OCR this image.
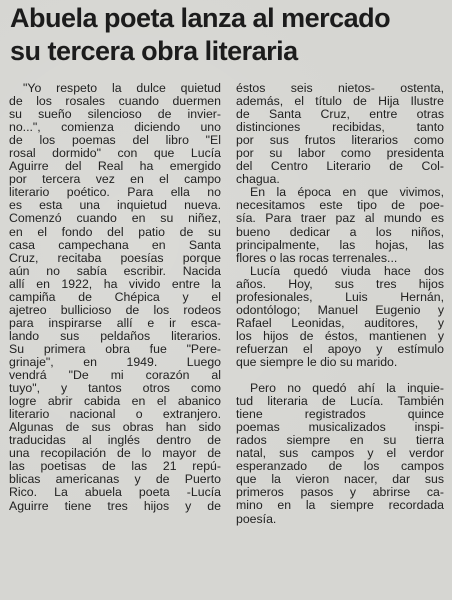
Abuela poeta lanza al mercado
su tercera obra literaria

"Yo respeto la dulce quietud
de los rosales cuando duermen
su sueño silencioso de invier-
no...", comienza diciendo uno
de los poemas del libro "El
rosal dormido" con que Lucía
Aguirre del Real ha emergido
por tercera vez en el campo
literario poético. Para ella no
es esta una inquietud nueva.
Comenzó cuando en su niñez,
en el fondo del patio de su
casa campechana en Santa
Cruz, recitaba poesías porque
aún no sabía escribir. Nacida
allí en 1922, ha vivido entre la
campiña de Chépica y el
ajetreo bullicioso de los rodeos
para inspirarse allí e ir esca-
lando sus peldaños literarios.
Su primera obra fue "Pere-
grinaje", en 1949. Luego
vendrá "De mi corazón al
tuyo", y tantos otros como
logre abrir cabida en el abanico
literario nacional o extranjero.
Algunas de sus obras han sido
traducidas al inglés dentro de
una recopilación de lo mayor de
las poetisas de las 21 repú-
blicas americanas y de Puerto
Rico. La abuela poeta -Lucía
Aguirre tiene tres hijos y de

éstos seis nietos- ostenta,
además, el título de Hija Ilustre
de Santa Cruz, entre otras
distinciones recibidas, tanto
por sus frutos literarios como
por su labor como presidenta
del Centro Literario de Col-
chagua.

En la época en que vivimos,
necesitamos este tipo de poe-
sía. Para traer paz al mundo es
bueno dedicar a los niños,
principalmente, las hojas, las
flores o las rocas terrenales...

Lucía quedó viuda hace dos
años. Hoy, sus tres hijos
profesionales, Luis Hernán,
odontólogo; Manuel Eugenio y
Rafael Leonidas, auditores, y
los hijos de éstos, mantienen y
refuerzan el apoyo y estímulo
que siempre le dio su marido.

Pero no quedó ahí la inquie-
tud literaria de Lucía. También
tiene registrados quince
poemas musicalizados inspi-
rados siempre en su tierra
natal, sus campos y el verdor
esperanzado de los campos
que la vieron nacer, dar sus
primeros pasos y abrirse ca-
mino en la siempre recordada
poesía.
